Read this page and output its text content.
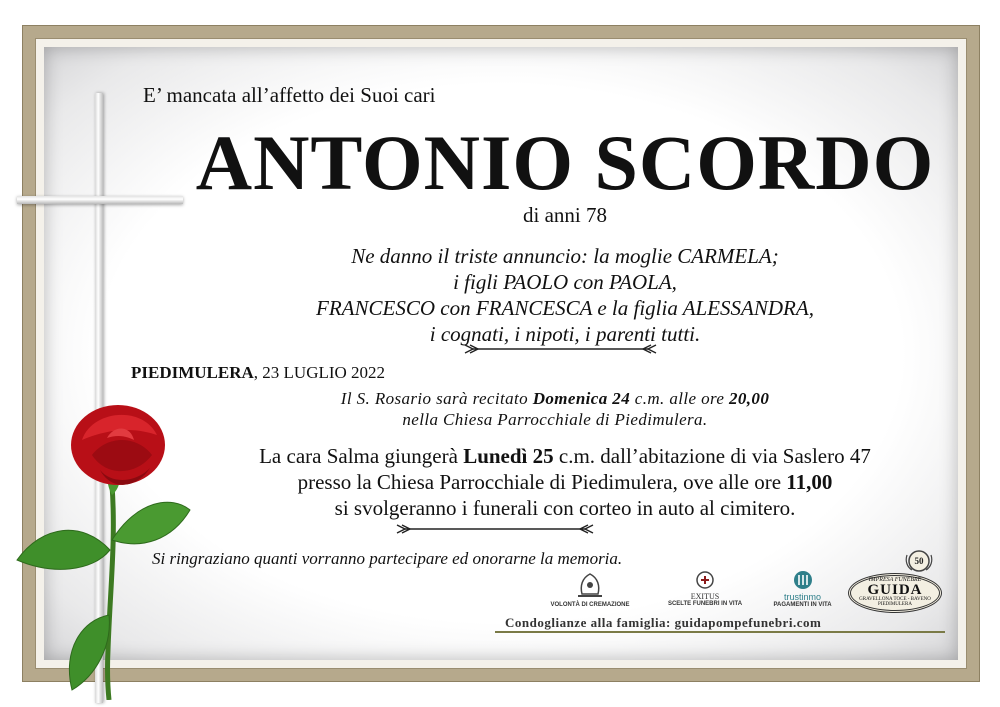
E’ mancata all’affetto dei Suoi cari
ANTONIO SCORDO
di anni 78
Ne danno il triste annuncio: la moglie CARMELA;
i figli PAOLO con PAOLA,
FRANCESCO con FRANCESCA e la figlia ALESSANDRA,
i cognati, i nipoti, i parenti tutti.
PIEDIMULERA, 23 LUGLIO 2022
Il S. Rosario sarà recitato Domenica 24 c.m. alle ore 20,00
nella Chiesa Parrocchiale di Piedimulera.
La cara Salma giungerà Lunedì 25 c.m. dall’abitazione di via Saslero 47
presso la Chiesa Parrocchiale di Piedimulera, ove alle ore 11,00
si svolgeranno i funerali con corteo in auto al cimitero.
Si ringraziano quanti vorranno partecipare ed onorarne la memoria.
VOLONTÀ DI CREMAZIONE
EXITUS
SCELTE FUNEBRI IN VITA
trustinmo
PAGAMENTI IN VITA
50
IMPRESA FUNEBRE
GUIDA
GRAVELLONA TOCE - BAVENO PIEDIMULERA
Condoglianze alla famiglia: guidapompefunebri.com
